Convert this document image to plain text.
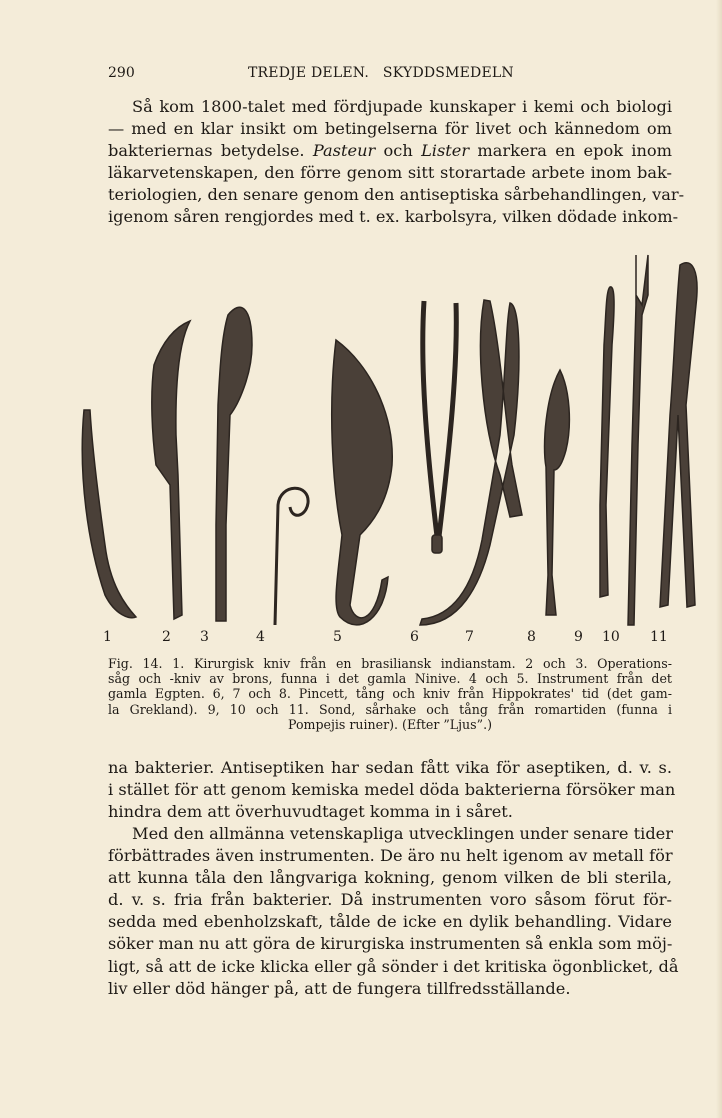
290	TREDJE DELEN.   SKYDDSMEDELN
Så kom 1800-talet med fördjupade kunskaper i kemi och biologi
— med en klar insikt om betingelserna för livet och kännedom om
bakteriernas betydelse. Pasteur och Lister markera en epok inom
läkarvetenskapen, den förre genom sitt storartade arbete inom bak-
teriologien, den senare genom den antiseptiska sårbehandlingen, var-
igenom såren rengjordes med t. ex. karbolsyra, vilken dödade inkom-
1	2 3	4	5	6	7	8	9 10 11
Fig. 14. 1. Kirurgisk kniv från en brasiliansk indianstam. 2 och 3. Operations-
såg och -kniv av brons, funna i det gamla Ninive. 4 och 5. Instrument från det
gamla Egpten. 6, 7 och 8. Pincett, tång och kniv från Hippokrates' tid (det gam-
la Grekland). 9, 10 och 11. Sond, sårhake och tång från romartiden (funna i
Pompejis ruiner). (Efter ”Ljus”.)
na bakterier. Antiseptiken har sedan fått vika för aseptiken, d. v. s.
i stället för att genom kemiska medel döda bakterierna försöker man
hindra dem att överhuvudtaget komma in i såret.
Med den allmänna vetenskapliga utvecklingen under senare tider
förbättrades även instrumenten. De äro nu helt igenom av metall för
att kunna tåla den långvariga kokning, genom vilken de bli sterila,
d. v. s. fria från bakterier. Då instrumenten voro såsom förut för-
sedda med ebenholzskaft, tålde de icke en dylik behandling. Vidare
söker man nu att göra de kirurgiska instrumenten så enkla som möj-
ligt, så att de icke klicka eller gå sönder i det kritiska ögonblicket, då
liv eller död hänger på, att de fungera tillfredsställande.
